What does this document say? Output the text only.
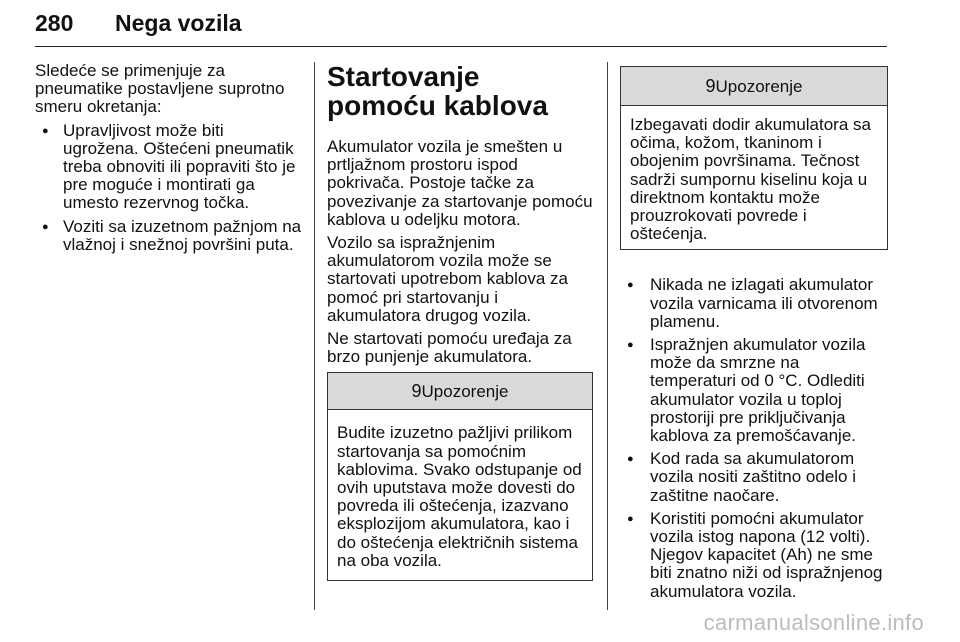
280 Nega vozila

Sledeće se primenjuje za pneumatike postavljene suprotno smeru okretanja:

● Upravljivost može biti ugrožena. Oštećeni pneumatik treba obnoviti ili popraviti što je pre moguće i montirati ga umesto rezervnog točka.
● Voziti sa izuzetnom pažnjom na vlažnoj i snežnoj površini puta.
Startovanje pomoću kablova

Akumulator vozila je smešten u prtljažnom prostoru ispod pokrivača. Postoje tačke za povezivanje za startovanje pomoću kablova u odeljku motora.

Vozilo sa ispražnjenim akumulatorom vozila može se startovati upotrebom kablova za pomoć pri startovanju i akumulatora drugog vozila.

Ne startovati pomoću uređaja za brzo punjenje akumulatora.

9Upozorenje
Budite izuzetno pažljivi prilikom startovanja sa pomoćnim kablovima. Svako odstupanje od ovih uputstava može dovesti do povreda ili oštećenja, izazvano eksplozijom akumulatora, kao i do oštećenja električnih sistema na oba vozila.
9Upozorenje
Izbegavati dodir akumulatora sa očima, kožom, tkaninom i obojenim površinama. Tečnost sadrži sumpornu kiselinu koja u direktnom kontaktu može prouzrokovati povrede i oštećenja.
● Nikada ne izlagati akumulator vozila varnicama ili otvorenom plamenu.
● Ispražnjen akumulator vozila može da smrzne na temperaturi od 0 °C. Odlediti akumulator vozila u toploj prostoriji pre priključivanja kablova za premošćavanje.
● Kod rada sa akumulatorom vozila nositi zaštitno odelo i zaštitne naočare.
● Koristiti pomoćni akumulator vozila istog napona (12 volti). Njegov kapacitet (Ah) ne sme biti znatno niži od ispražnjenog akumulatora vozila.
carmanualsonline.info
